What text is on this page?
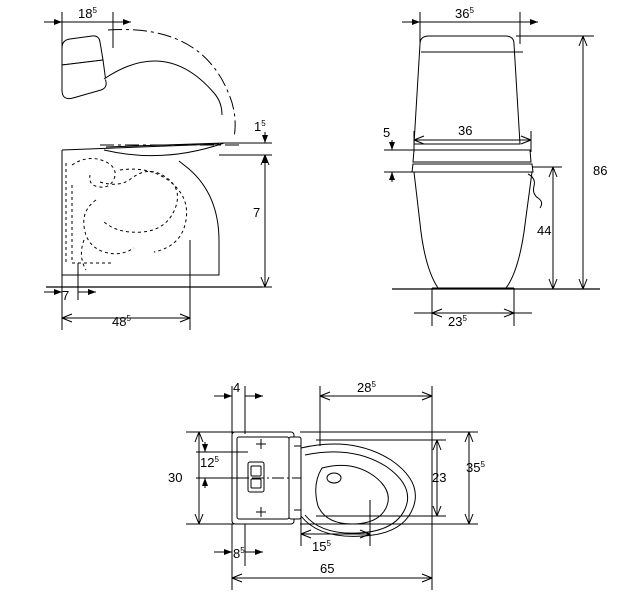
$18^5$
$1^5$
7
7
$48^5$
$36^5$
36
5
86
44
$23^5$
4	$28^5$
30
$12^5$
23
$35^5$
$8^5$	$15^5$
65
